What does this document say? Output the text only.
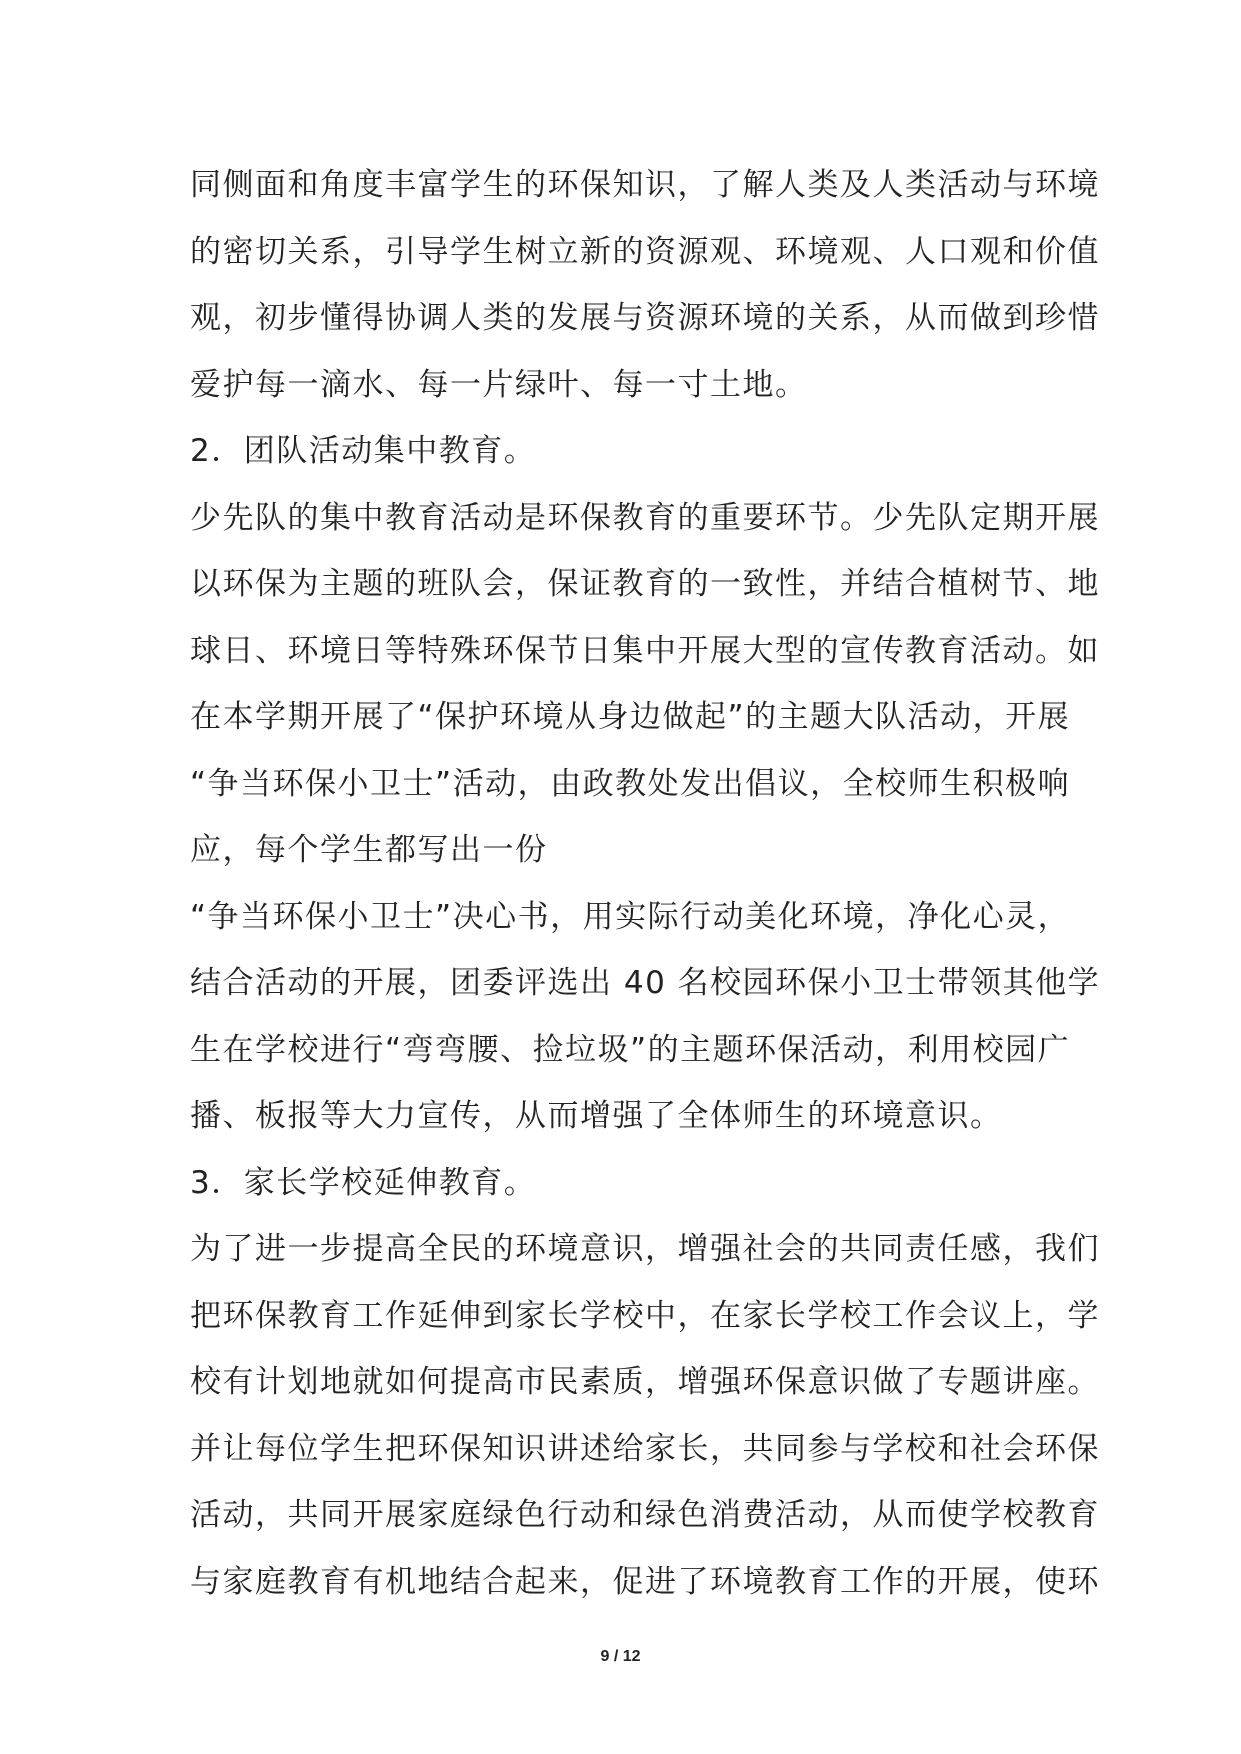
同侧面和角度丰富学生的环保知识，了解人类及人类活动与环境
的密切关系，引导学生树立新的资源观、环境观、人口观和价值
观，初步懂得协调人类的发展与资源环境的关系，从而做到珍惜
爱护每一滴水、每一片绿叶、每一寸土地。
2．团队活动集中教育。
少先队的集中教育活动是环保教育的重要环节。少先队定期开展
以环保为主题的班队会，保证教育的一致性，并结合植树节、地
球日、环境日等特殊环保节日集中开展大型的宣传教育活动。如
在本学期开展了“保护环境从身边做起”的主题大队活动，开展
“争当环保小卫士”活动，由政教处发出倡议，全校师生积极响
应，每个学生都写出一份
“争当环保小卫士”决心书，用实际行动美化环境，净化心灵，
结合活动的开展，团委评选出 40 名校园环保小卫士带领其他学
生在学校进行“弯弯腰、捡垃圾”的主题环保活动，利用校园广
播、板报等大力宣传，从而增强了全体师生的环境意识。
3．家长学校延伸教育。
为了进一步提高全民的环境意识，增强社会的共同责任感，我们
把环保教育工作延伸到家长学校中，在家长学校工作会议上，学
校有计划地就如何提高市民素质，增强环保意识做了专题讲座。
并让每位学生把环保知识讲述给家长，共同参与学校和社会环保
活动，共同开展家庭绿色行动和绿色消费活动，从而使学校教育
与家庭教育有机地结合起来，促进了环境教育工作的开展，使环
9 / 12
